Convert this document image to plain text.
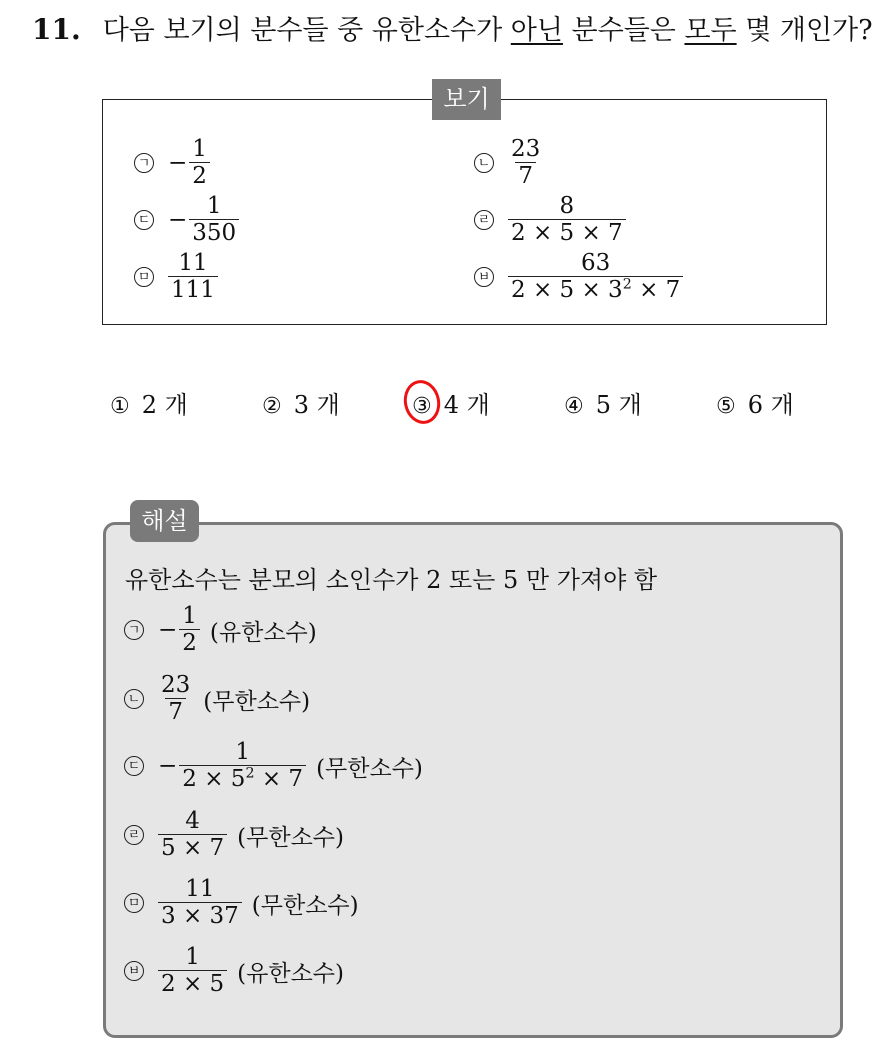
11. 다음 보기의 분수들 중 유한소수가 아닌 분수들은 모두 몇 개인가?
보기
ㄱ − $\frac{1}{2}$	ㄴ $\frac{23}{7}$
ㄷ − $\frac{1}{350}$	ㄹ $\frac{8}{2 \times 5 \times 7}$
ㅁ $\frac{11}{111}$	ㅂ $\frac{63}{2 \times 5 \times 3^2 \times 7}$
① 2 개	② 3 개	③ 4 개	④ 5 개	⑤ 6 개
해설
유한소수는 분모의 소인수가 2 또는 5 만 가져야 함
ㄱ − $\frac{1}{2}$ (유한소수)
ㄴ $\frac{23}{7}$ (무한소수)
ㄷ − $\frac{1}{2 \times 5^2 \times 7}$ (무한소수)
ㄹ $\frac{4}{5 \times 7}$ (무한소수)
ㅁ $\frac{11}{3 \times 37}$ (무한소수)
ㅂ $\frac{1}{2 \times 5}$ (유한소수)
